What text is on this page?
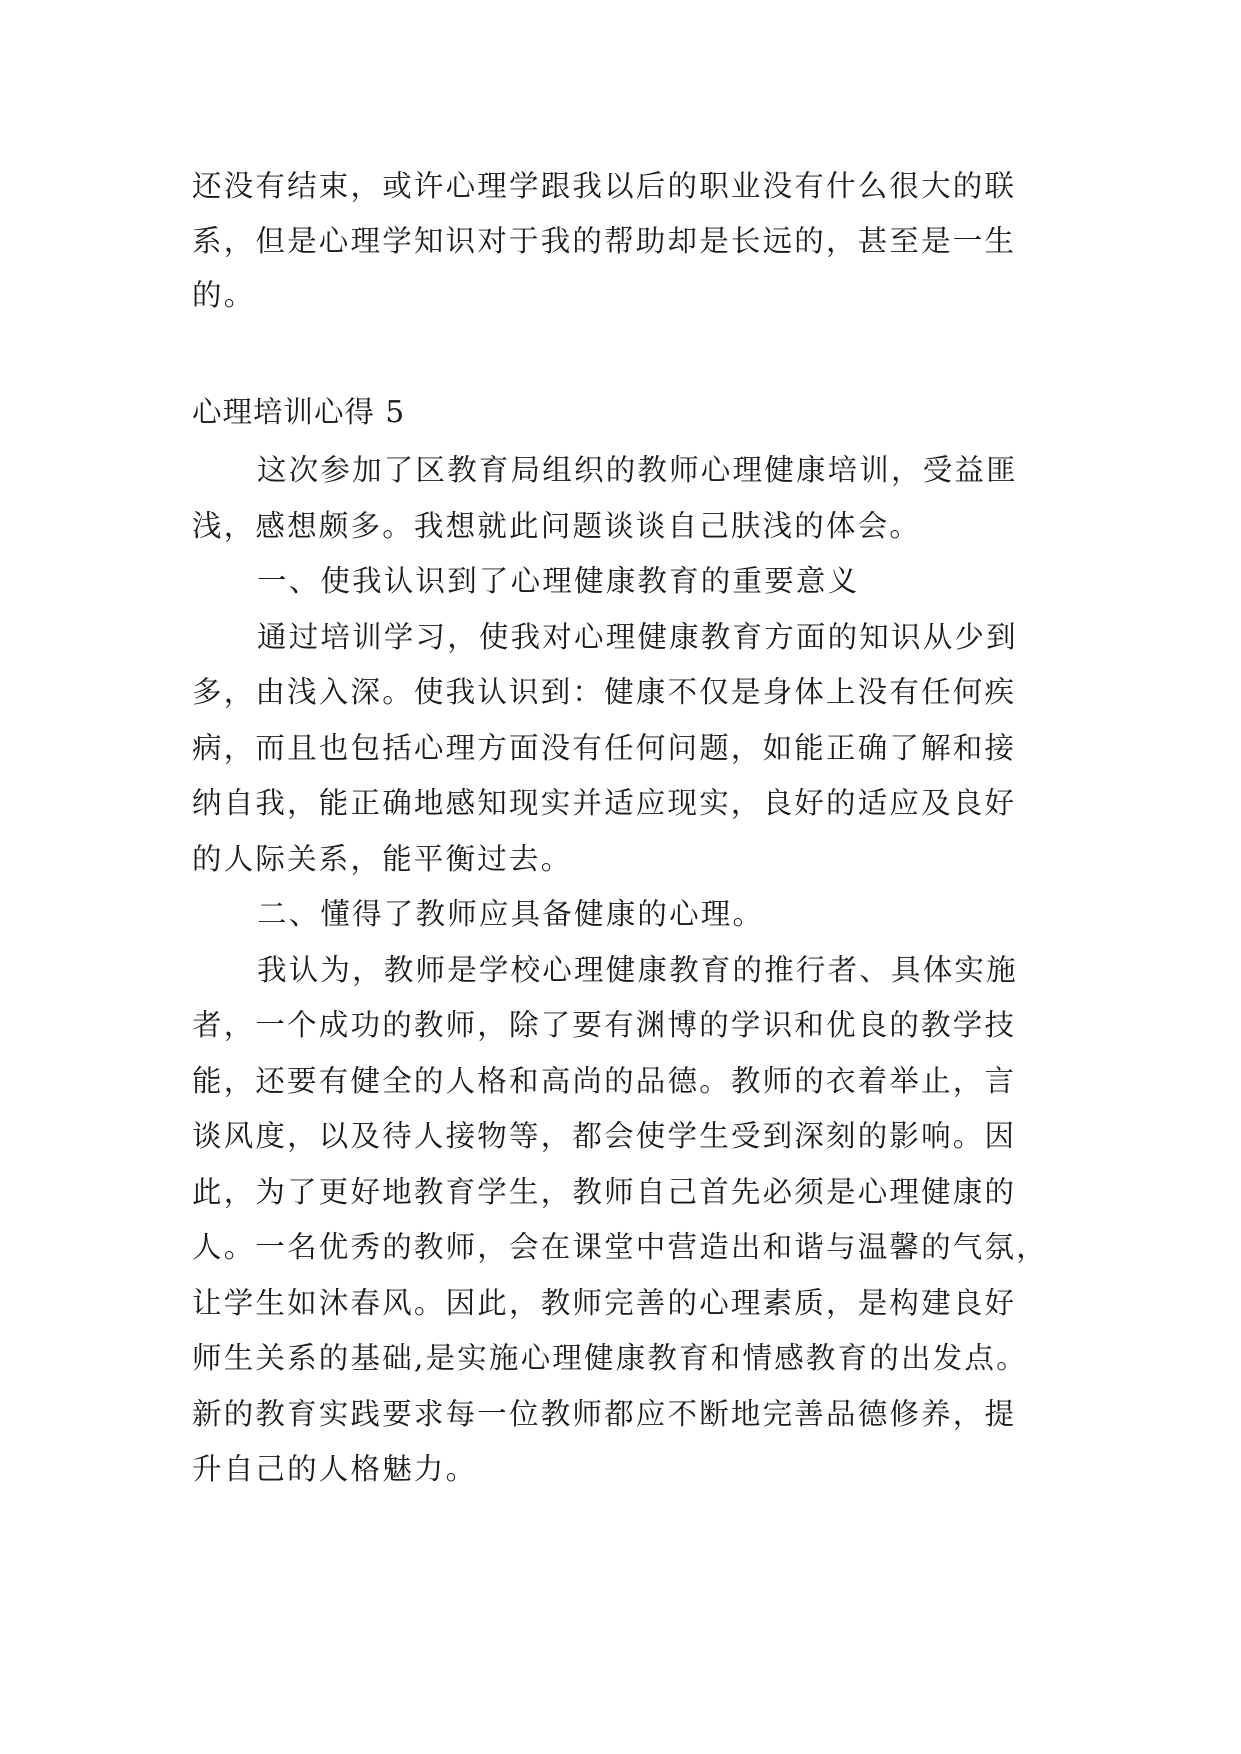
还没有结束，或许心理学跟我以后的职业没有什么很大的联
系，但是心理学知识对于我的帮助却是长远的，甚至是一生
的。
心理培训心得 5
这次参加了区教育局组织的教师心理健康培训，受益匪
浅，感想颇多。我想就此问题谈谈自己肤浅的体会。
一、使我认识到了心理健康教育的重要意义
通过培训学习，使我对心理健康教育方面的知识从少到
多，由浅入深。使我认识到：健康不仅是身体上没有任何疾
病，而且也包括心理方面没有任何问题，如能正确了解和接
纳自我，能正确地感知现实并适应现实，良好的适应及良好
的人际关系，能平衡过去。
二、懂得了教师应具备健康的心理。
我认为，教师是学校心理健康教育的推行者、具体实施
者，一个成功的教师，除了要有渊博的学识和优良的教学技
能，还要有健全的人格和高尚的品德。教师的衣着举止，言
谈风度，以及待人接物等，都会使学生受到深刻的影响。因
此，为了更好地教育学生，教师自己首先必须是心理健康的
人。一名优秀的教师，会在课堂中营造出和谐与温馨的气氛，
让学生如沐春风。因此，教师完善的心理素质，是构建良好
师生关系的基础,是实施心理健康教育和情感教育的出发点。
新的教育实践要求每一位教师都应不断地完善品德修养，提
升自己的人格魅力。
